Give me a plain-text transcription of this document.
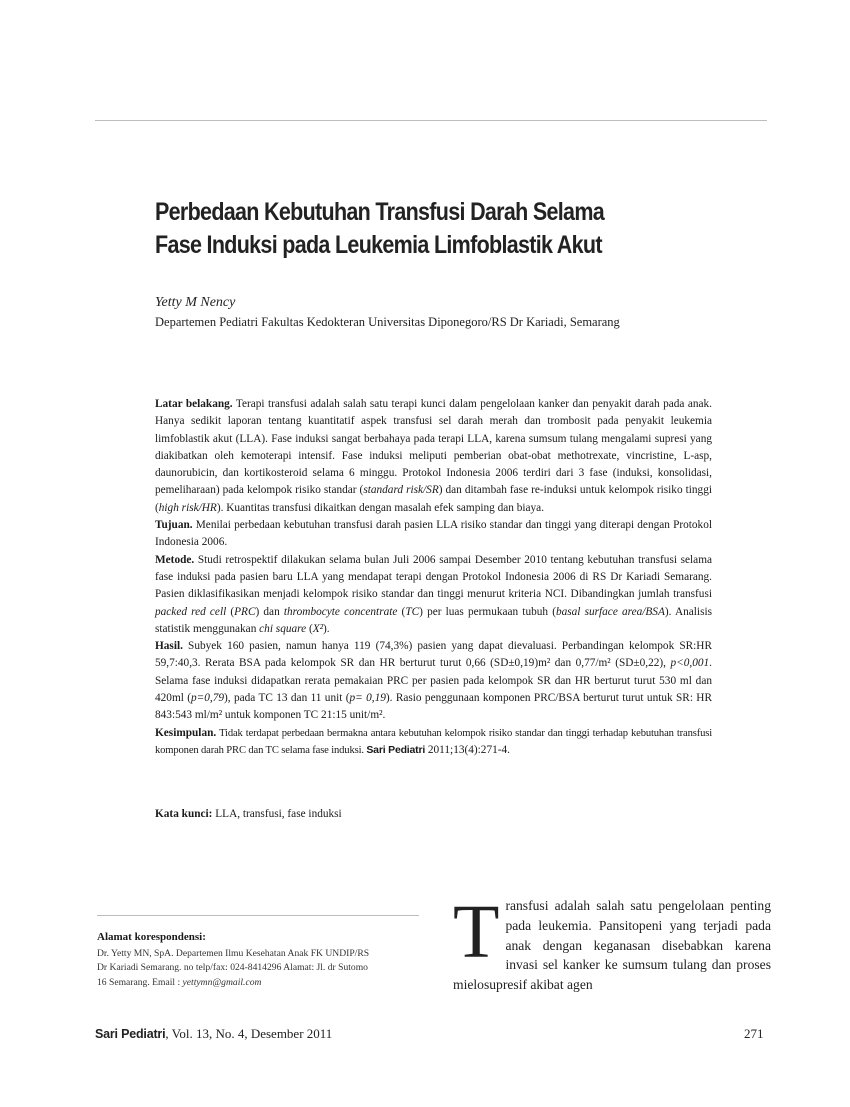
Perbedaan Kebutuhan Transfusi Darah Selama
Fase Induksi pada Leukemia Limfoblastik Akut
Yetty M Nency
Departemen Pediatri Fakultas Kedokteran Universitas Diponegoro/RS Dr Kariadi, Semarang

Latar belakang. Terapi transfusi adalah salah satu terapi kunci dalam pengelolaan kanker dan penyakit darah pada anak. Hanya sedikit laporan tentang kuantitatif aspek transfusi sel darah merah dan trombosit pada penyakit leukemia limfoblastik akut (LLA). Fase induksi sangat berbahaya pada terapi LLA, karena sumsum tulang mengalami supresi yang diakibatkan oleh kemoterapi intensif. Fase induksi meliputi pemberian obat-obat methotrexate, vincristine, L-asp, daunorubicin, dan kortikosteroid selama 6 minggu. Protokol Indonesia 2006 terdiri dari 3 fase (induksi, konsolidasi, pemeliharaan) pada kelompok risiko standar (standard risk/SR) dan ditambah fase re-induksi untuk kelompok risiko tinggi (high risk/HR). Kuantitas transfusi dikaitkan dengan masalah efek samping dan biaya.

Tujuan. Menilai perbedaan kebutuhan transfusi darah pasien LLA risiko standar dan tinggi yang diterapi dengan Protokol Indonesia 2006.

Metode. Studi retrospektif dilakukan selama bulan Juli 2006 sampai Desember 2010 tentang kebutuhan transfusi selama fase induksi pada pasien baru LLA yang mendapat terapi dengan Protokol Indonesia 2006 di RS Dr Kariadi Semarang. Pasien diklasifikasikan menjadi kelompok risiko standar dan tinggi menurut kriteria NCI. Dibandingkan jumlah transfusi packed red cell (PRC) dan thrombocyte concentrate (TC) per luas permukaan tubuh (basal surface area/BSA). Analisis statistik menggunakan chi square (X²).

Hasil. Subyek 160 pasien, namun hanya 119 (74,3%) pasien yang dapat dievaluasi. Perbandingan kelompok SR:HR 59,7:40,3. Rerata BSA pada kelompok SR dan HR berturut turut 0,66 (SD±0,19)m² dan 0,77/m² (SD±0,22), p<0,001. Selama fase induksi didapatkan rerata pemakaian PRC per pasien pada kelompok SR dan HR berturut turut 530 ml dan 420ml (p=0,79), pada TC 13 dan 11 unit (p= 0,19). Rasio penggunaan komponen PRC/BSA berturut turut untuk SR: HR 843:543 ml/m² untuk komponen TC 21:15 unit/m².

Kesimpulan. Tidak terdapat perbedaan bermakna antara kebutuhan kelompok risiko standar dan tinggi terhadap kebutuhan transfusi komponen darah PRC dan TC selama fase induksi. Sari Pediatri 2011;13(4):271-4.

Kata kunci: LLA, transfusi, fase induksi
Alamat korespondensi:
Dr. Yetty MN, SpA. Departemen Ilmu Kesehatan Anak FK UNDIP/RS
Dr Kariadi Semarang. no telp/fax: 024-8414296 Alamat: Jl. dr Sutomo
16 Semarang. Email : yettymn@gmail.com
T ransfusi adalah salah satu pengelolaan penting pada leukemia. Pansitopeni yang terjadi pada anak dengan keganasan disebabkan karena invasi sel kanker ke sumsum tulang dan proses mielosupresif akibat agen

Sari Pediatri, Vol. 13, No. 4, Desember 2011	271
